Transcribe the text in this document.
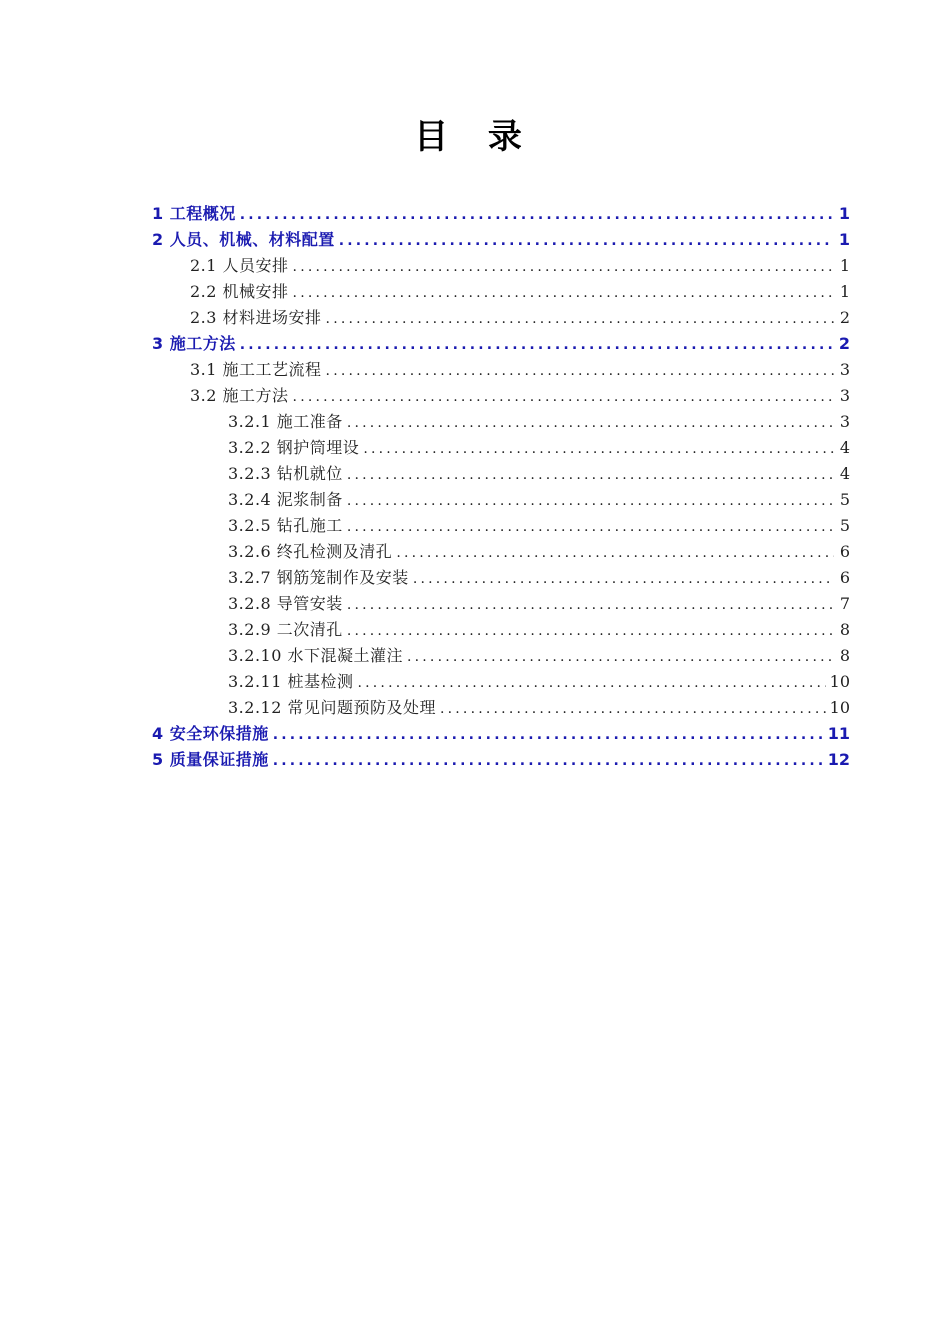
目 录
1 工程概况 .....	1
2 人员、机械、材料配置 .....	1
2.1 人员安排 .....	1
2.2 机械安排 .....	1
2.3 材料进场安排 .....	2
3 施工方法 .....	2
3.1 施工工艺流程 .....	3
3.2 施工方法 .....	3
3.2.1 施工准备 .....	3
3.2.2 钢护筒埋设 .....	4
3.2.3 钻机就位 .....	4
3.2.4 泥浆制备 .....	5
3.2.5 钻孔施工 .....	5
3.2.6 终孔检测及清孔 .....	6
3.2.7 钢筋笼制作及安装 .....	6
3.2.8 导管安装 .....	7
3.2.9 二次清孔 .....	8
3.2.10 水下混凝土灌注 .....	8
3.2.11 桩基检测 .....	10
3.2.12 常见问题预防及处理 .....	10
4 安全环保措施 .....	11
5 质量保证措施 .....	12
